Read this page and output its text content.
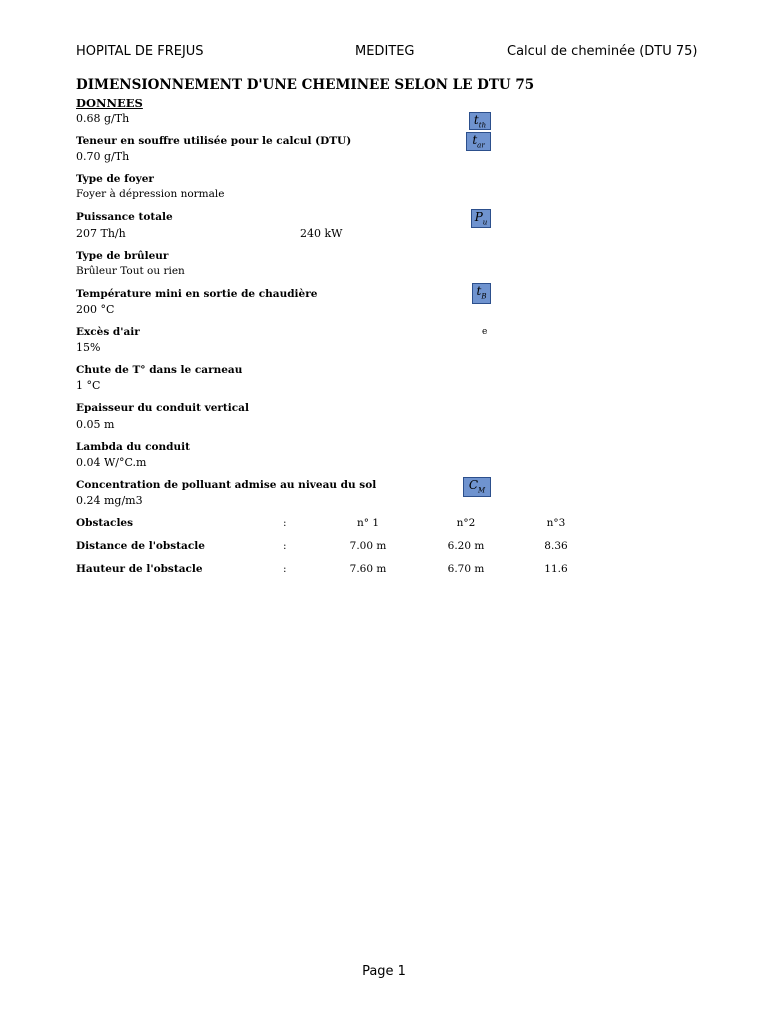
HOPITAL DE FREJUS	MEDITEG	Calcul de cheminée (DTU 75)
DIMENSIONNEMENT D'UNE CHEMINEE SELON LE DTU 75
DONNEES
0.68 g/Th	$t_{th}$
Teneur en souffre utilisée pour le calcul (DTU)	$t_{ar}$
0.70 g/Th
Type de foyer
Foyer à dépression normale
Puissance totale	$P_u$
207 Th/h	240 kW
Type de brûleur
Brûleur Tout ou rien
Température mini en sortie de chaudière	$t_B$
200 °C
Excès d'air	e
15%
Chute de T° dans le carneau
1 °C
Epaisseur du conduit vertical
0.05 m
Lambda du conduit
0.04 W/°C.m
Concentration de polluant admise au niveau du sol	$C_M$
0.24 mg/m3
Obstacles	:	n° 1	n°2	n°3
Distance de l'obstacle	:	7.00 m	6.20 m	8.36
Hauteur de l'obstacle	:	7.60 m	6.70 m	11.6
Page 1
